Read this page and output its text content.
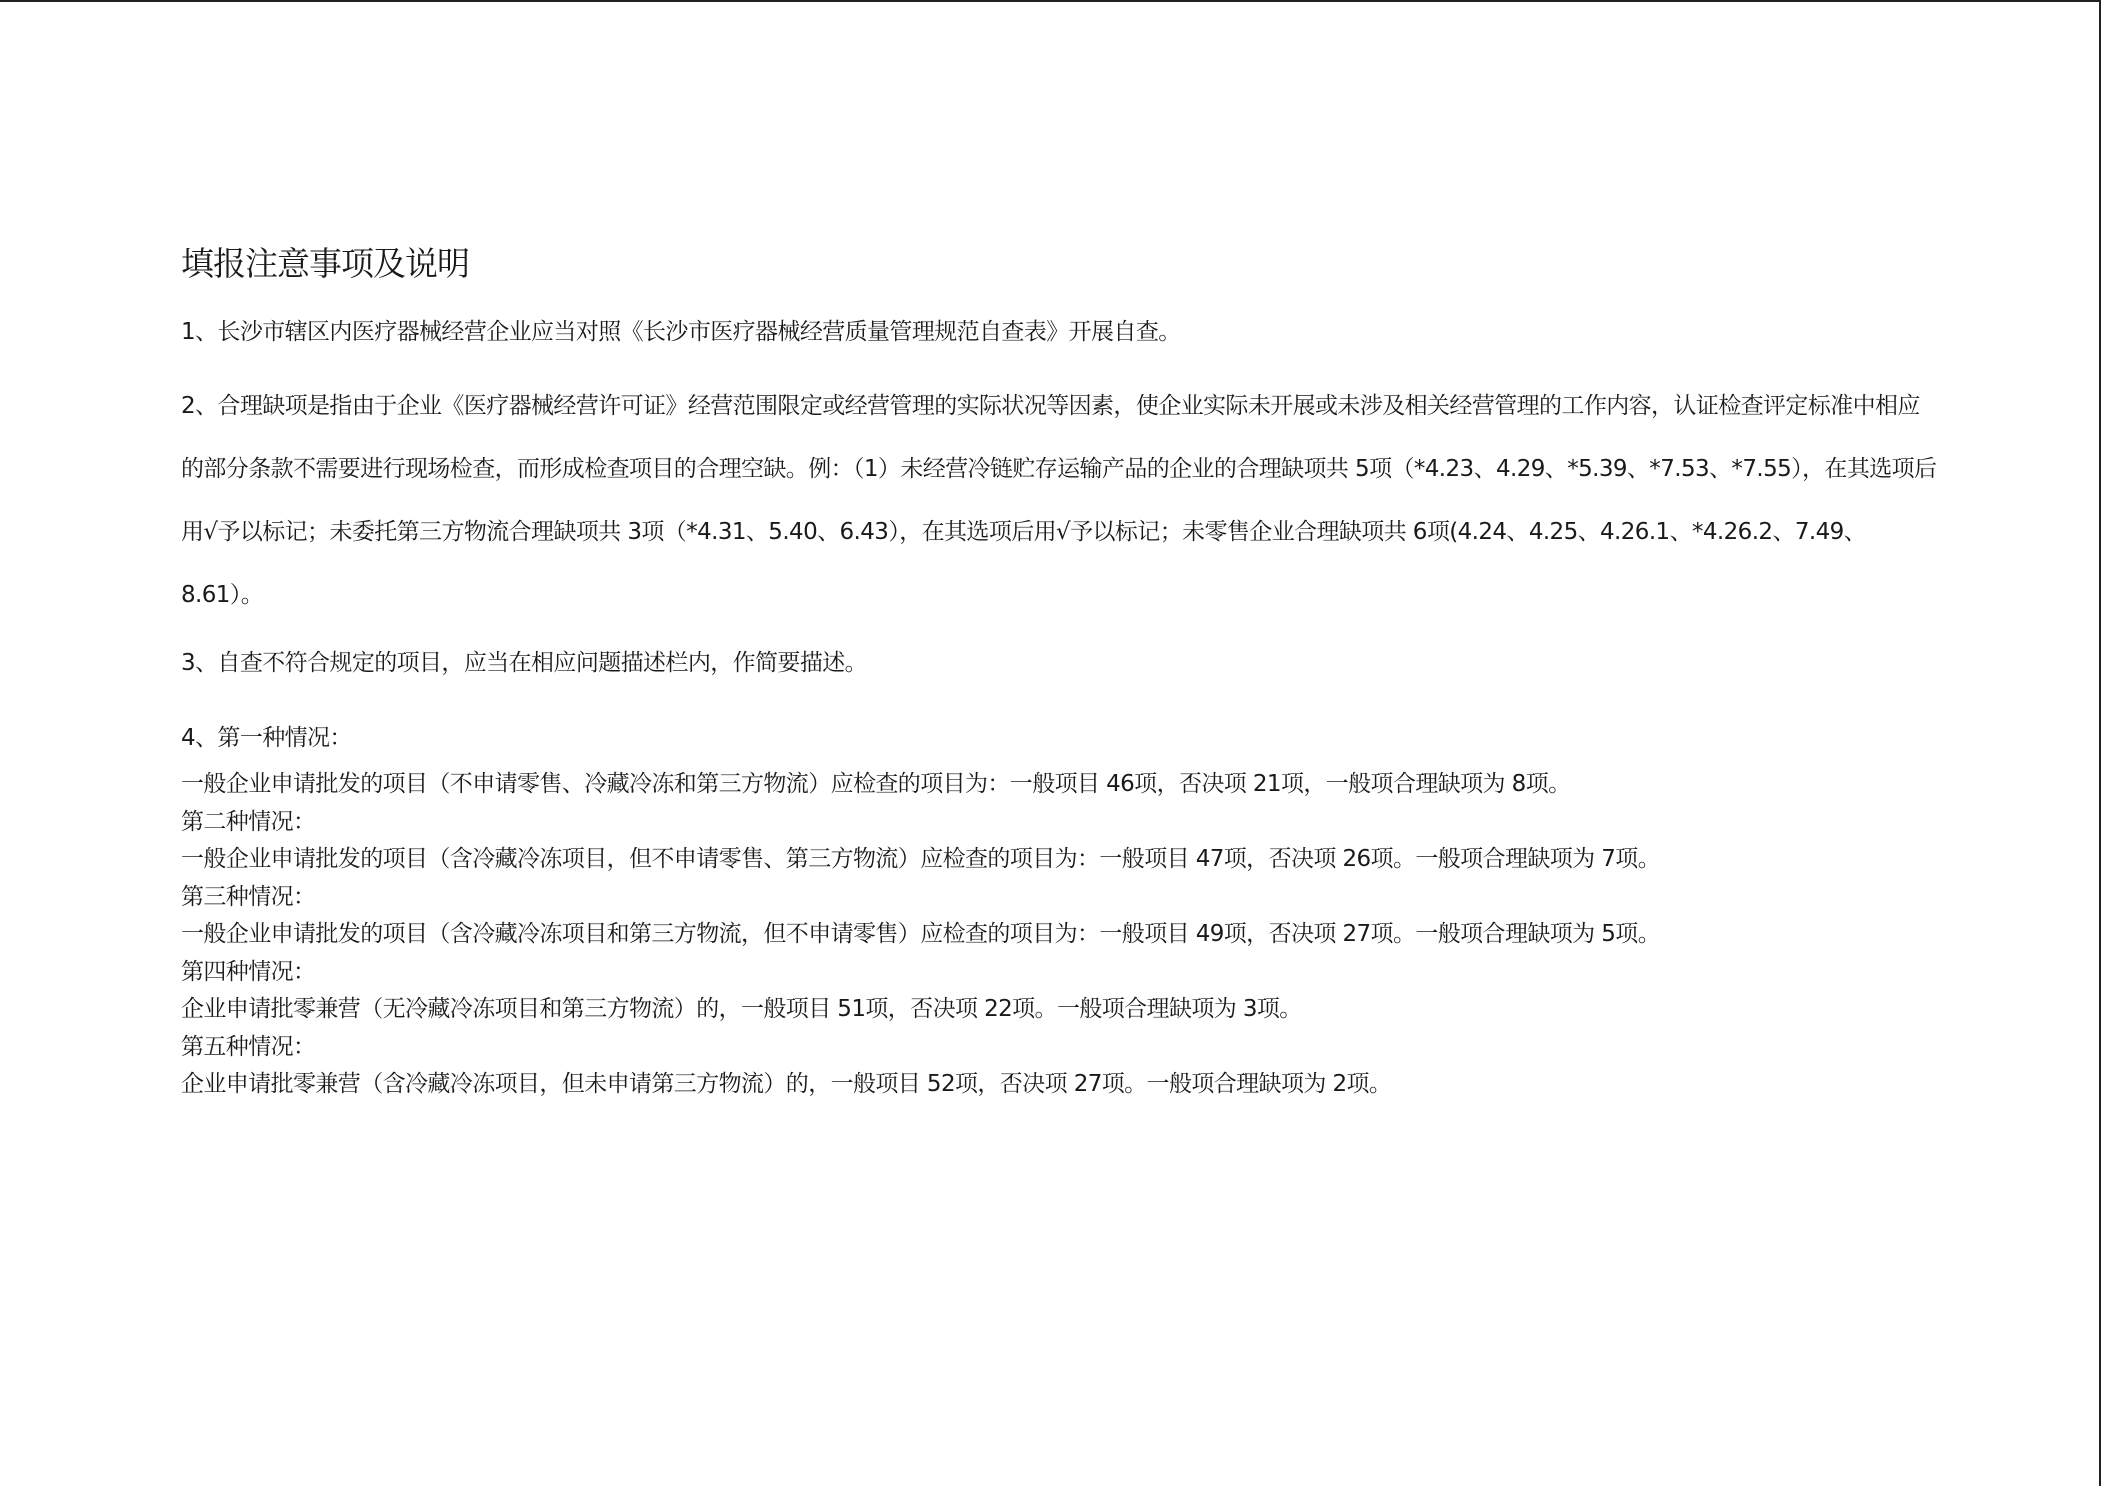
填报注意事项及说明

1、长沙市辖区内医疗器械经营企业应当对照《长沙市医疗器械经营质量管理规范自查表》开展自查。

2、合理缺项是指由于企业《医疗器械经营许可证》经营范围限定或经营管理的实际状况等因素，使企业实际未开展或未涉及相关经营管理的工作内容，认证检查评定标准中相应的部分条款不需要进行现场检查，而形成检查项目的合理空缺。例：（1）未经营冷链贮存运输产品的企业的合理缺项共 5项（*4.23、4.29、*5.39、*7.53、*7.55），在其选项后用√予以标记；未委托第三方物流合理缺项共 3项（*4.31、5.40、6.43），在其选项后用√予以标记；未零售企业合理缺项共 6项(4.24、4.25、4.26.1、*4.26.2、7.49、8.61）。

3、自查不符合规定的项目，应当在相应问题描述栏内，作简要描述。

4、第一种情况：

一般企业申请批发的项目（不申请零售、冷藏冷冻和第三方物流）应检查的项目为：一般项目 46项，否决项 21项，一般项合理缺项为 8项。

第二种情况：

一般企业申请批发的项目（含冷藏冷冻项目，但不申请零售、第三方物流）应检查的项目为：一般项目 47项，否决项 26项。一般项合理缺项为 7项。

第三种情况：

一般企业申请批发的项目（含冷藏冷冻项目和第三方物流，但不申请零售）应检查的项目为：一般项目 49项，否决项 27项。一般项合理缺项为 5项。

第四种情况：

企业申请批零兼营（无冷藏冷冻项目和第三方物流）的，一般项目 51项，否决项 22项。一般项合理缺项为 3项。

第五种情况：

企业申请批零兼营（含冷藏冷冻项目，但未申请第三方物流）的，一般项目 52项，否决项 27项。一般项合理缺项为 2项。
